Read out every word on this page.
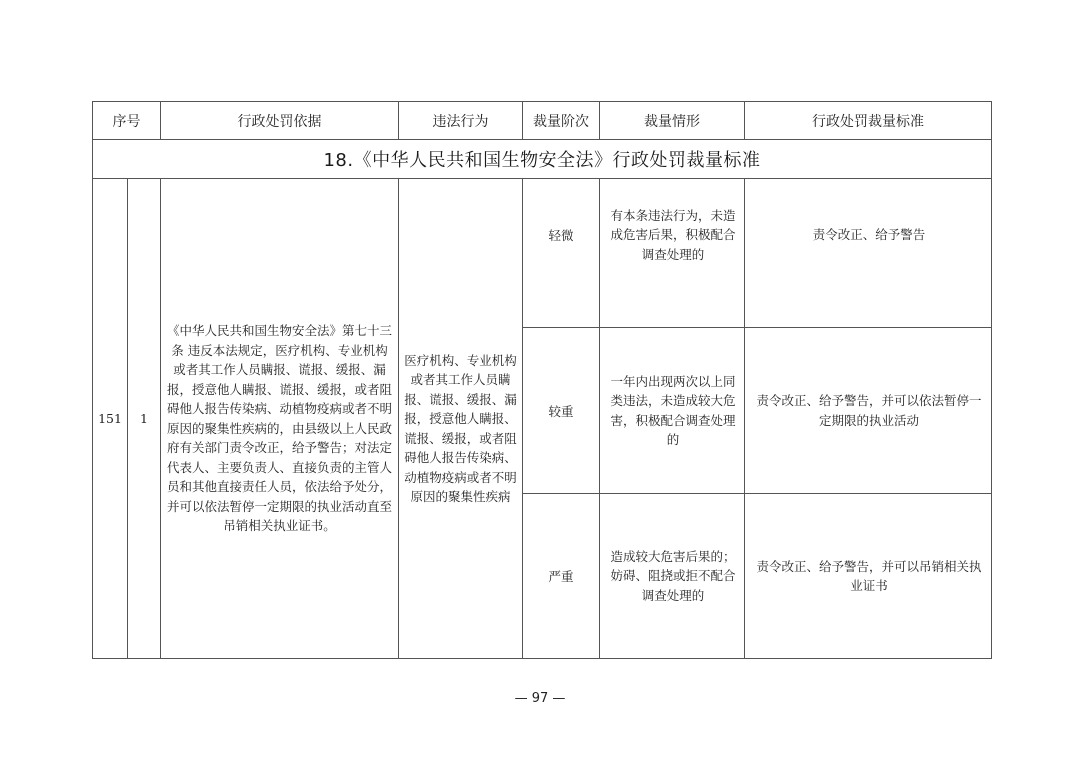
序号		行政处罚依据	违法行为	裁量阶次	裁量情形	行政处罚裁量标准
18.《中华人民共和国生物安全法》行政处罚裁量标准						
151	1	《中华人民共和国生物安全法》第七十三条 违反本法规定，医疗机构、专业机构或者其工作人员瞒报、谎报、缓报、漏报，授意他人瞒报、谎报、缓报，或者阻碍他人报告传染病、动植物疫病或者不明原因的聚集性疾病的，由县级以上人民政府有关部门责令改正，给予警告；对法定代表人、主要负责人、直接负责的主管人员和其他直接责任人员，依法给予处分，并可以依法暂停一定期限的执业活动直至吊销相关执业证书。	医疗机构、专业机构或者其工作人员瞒报、谎报、缓报、漏报，授意他人瞒报、谎报、缓报，或者阻碍他人报告传染病、动植物疫病或者不明原因的聚集性疾病	轻微	有本条违法行为，未造成危害后果，积极配合调查处理的	责令改正、给予警告

				较重	一年内出现两次以上同类违法，未造成较大危害，积极配合调查处理的	责令改正、给予警告，并可以依法暂停一定期限的执业活动

				严重	造成较大危害后果的；妨碍、阻挠或拒不配合调查处理的	责令改正、给予警告，并可以吊销相关执业证书
— 97 —
